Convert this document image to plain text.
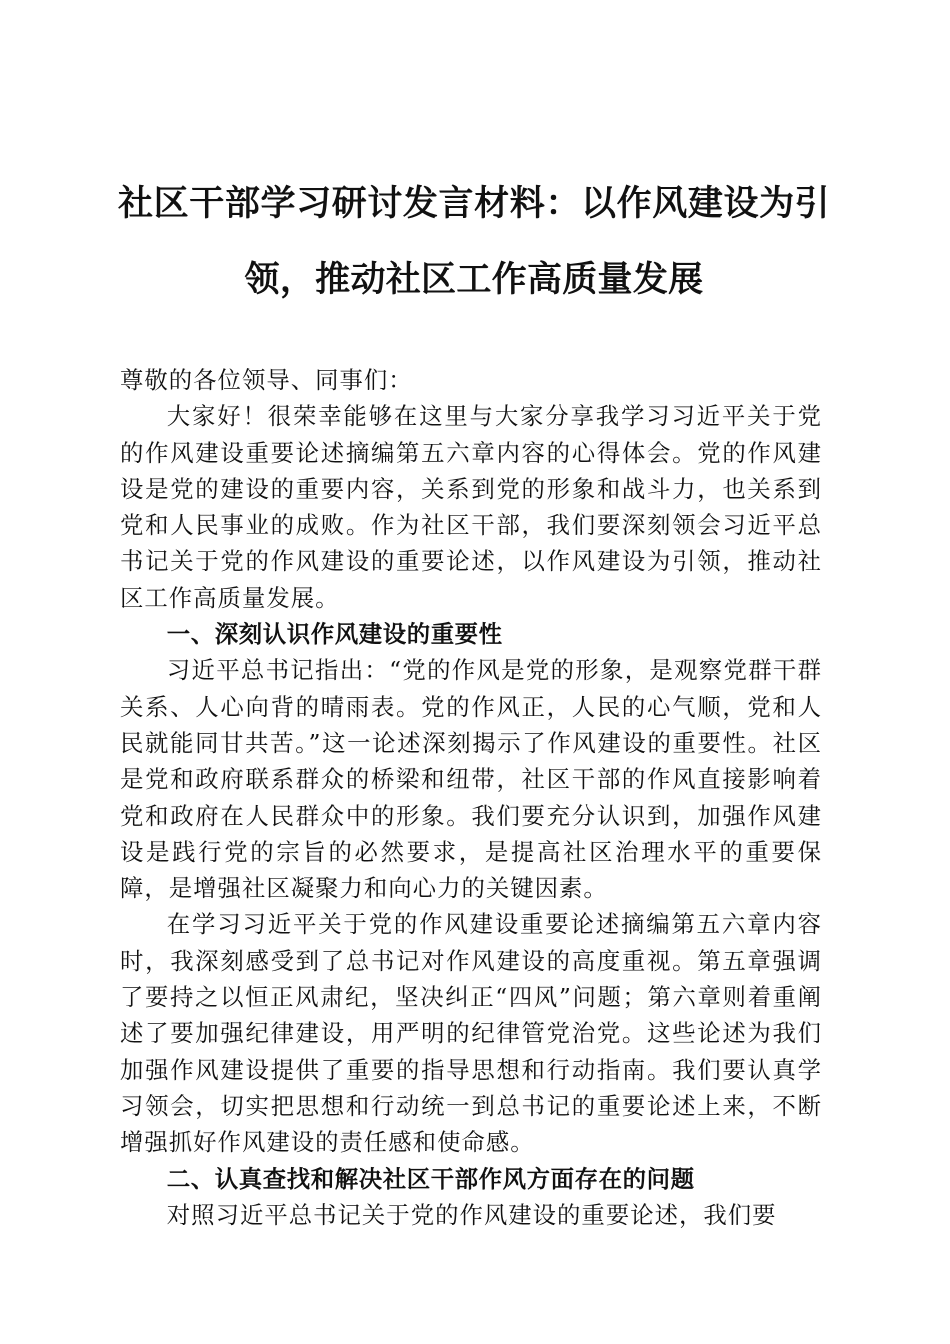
社区干部学习研讨发言材料：以作风建设为引领，推动社区工作高质量发展

尊敬的各位领导、同事们：

大家好！很荣幸能够在这里与大家分享我学习习近平关于党的作风建设重要论述摘编第五六章内容的心得体会。党的作风建设是党的建设的重要内容，关系到党的形象和战斗力，也关系到党和人民事业的成败。作为社区干部，我们要深刻领会习近平总书记关于党的作风建设的重要论述，以作风建设为引领，推动社区工作高质量发展。

一、深刻认识作风建设的重要性

习近平总书记指出：“党的作风是党的形象，是观察党群干群关系、人心向背的晴雨表。党的作风正，人民的心气顺，党和人民就能同甘共苦。”这一论述深刻揭示了作风建设的重要性。社区是党和政府联系群众的桥梁和纽带，社区干部的作风直接影响着党和政府在人民群众中的形象。我们要充分认识到，加强作风建设是践行党的宗旨的必然要求，是提高社区治理水平的重要保障，是增强社区凝聚力和向心力的关键因素。

在学习习近平关于党的作风建设重要论述摘编第五六章内容时，我深刻感受到了总书记对作风建设的高度重视。第五章强调了要持之以恒正风肃纪，坚决纠正“四风”问题；第六章则着重阐述了要加强纪律建设，用严明的纪律管党治党。这些论述为我们加强作风建设提供了重要的指导思想和行动指南。我们要认真学习领会，切实把思想和行动统一到总书记的重要论述上来，不断增强抓好作风建设的责任感和使命感。

二、认真查找和解决社区干部作风方面存在的问题

对照习近平总书记关于党的作风建设的重要论述，我们要
